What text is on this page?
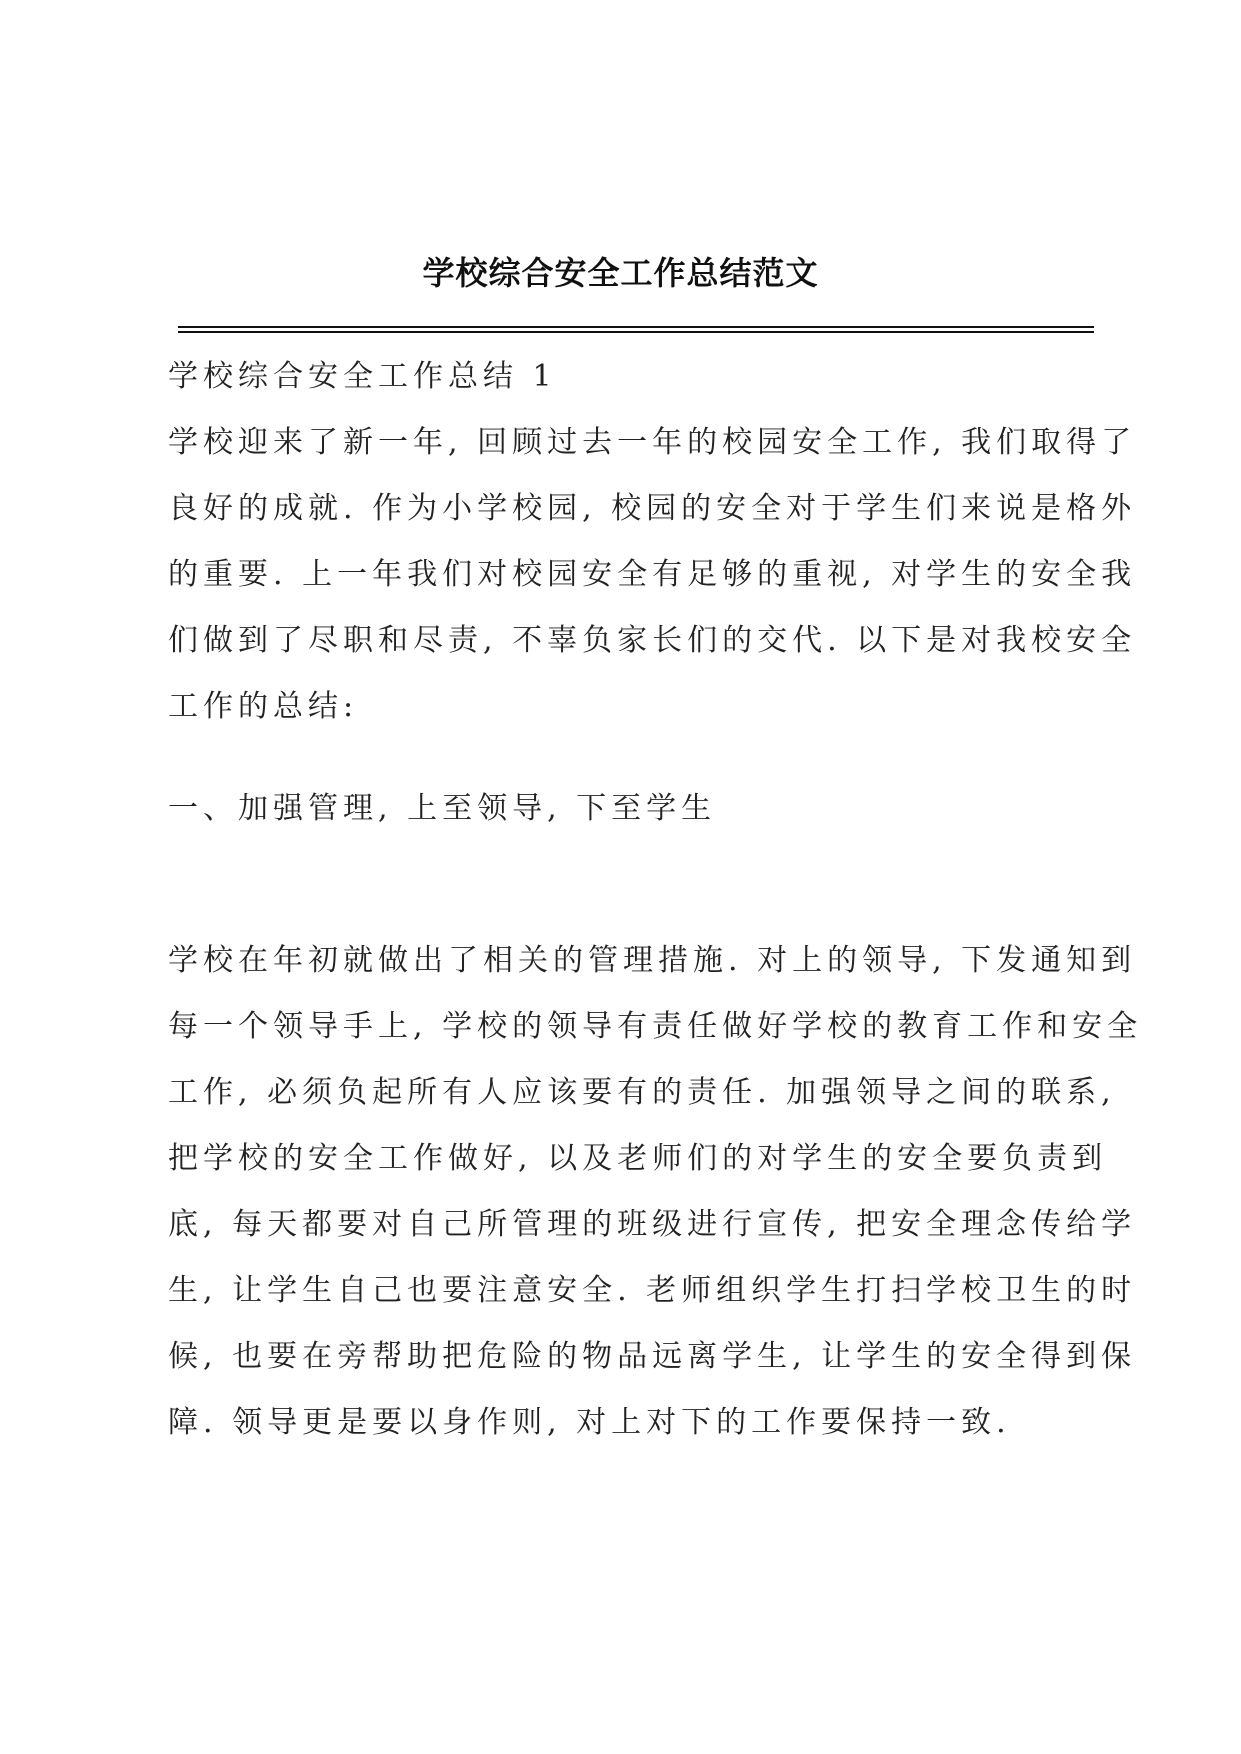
学校综合安全工作总结范文
学校综合安全工作总结 1
学校迎来了新一年, 回顾过去一年的校园安全工作, 我们取得了
良好的成就. 作为小学校园, 校园的安全对于学生们来说是格外
的重要. 上一年我们对校园安全有足够的重视, 对学生的安全我
们做到了尽职和尽责, 不辜负家长们的交代. 以下是对我校安全
工作的总结:
一、加强管理, 上至领导, 下至学生
学校在年初就做出了相关的管理措施. 对上的领导, 下发通知到
每一个领导手上, 学校的领导有责任做好学校的教育工作和安全
工作, 必须负起所有人应该要有的责任. 加强领导之间的联系,
把学校的安全工作做好, 以及老师们的对学生的安全要负责到
底, 每天都要对自己所管理的班级进行宣传, 把安全理念传给学
生, 让学生自己也要注意安全. 老师组织学生打扫学校卫生的时
候, 也要在旁帮助把危险的物品远离学生, 让学生的安全得到保
障. 领导更是要以身作则, 对上对下的工作要保持一致.
